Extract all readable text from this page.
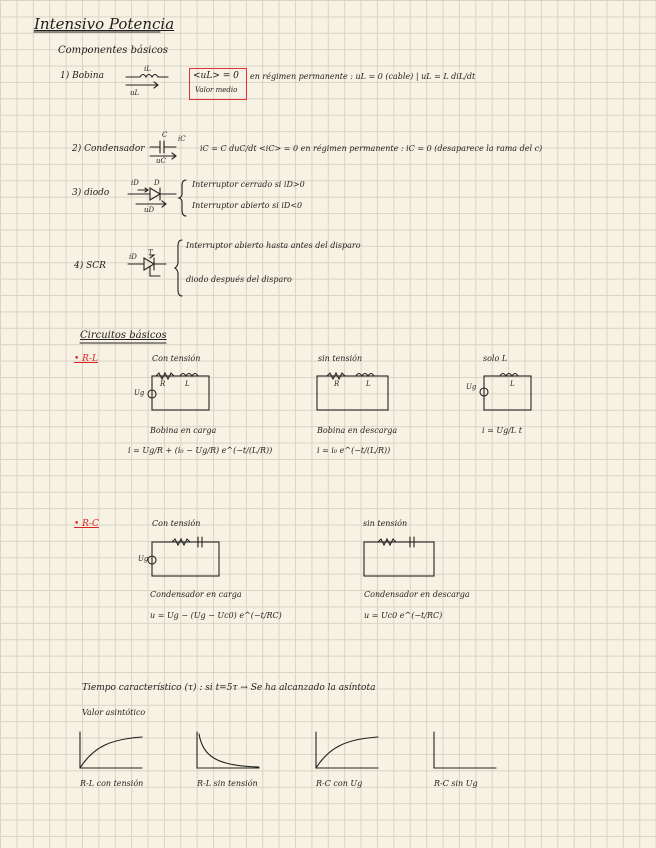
Intensivo Potencia
Componentes básicos
1) Bobina
uL
iL
<uL> = 0
Valor medio
en régimen permanente : uL = 0 (cable) | uL = L diL/dt
2) Condensador
C iC
uC
iC = C duC/dt <iC> = 0 en régimen permanente : iC = 0 (desaparece la rama del c)
3) diodo
iD D
uD
Interruptor cerrado si iD>0
Interruptor abierto si iD<0
4) SCR
iD T
Interruptor abierto hasta antes del disparo
diodo después del disparo
Circuitos básicos
• R-L	Con tensión
R	L
Ug
Bobina en carga
i = Ug/R + (i₀ − Ug/R) e^(−t/(L/R))
sin tensión
R	L
Bobina en descarga
i = i₀ e^(−t/(L/R))
solo L
L
Ug
i = Ug/L t
• R-C	Con tensión
Ug
Condensador en carga
u = Ug − (Ug − Uc0) e^(−t/RC)
sin tensión
Condensador en descarga
u = Uc0 e^(−t/RC)
Tiempo característico (τ) : si t=5τ → Se ha alcanzado la asíntota
Valor asintótico
R-L con tensión	R-L sin tensión	R-C con Ug	R-C sin Ug
